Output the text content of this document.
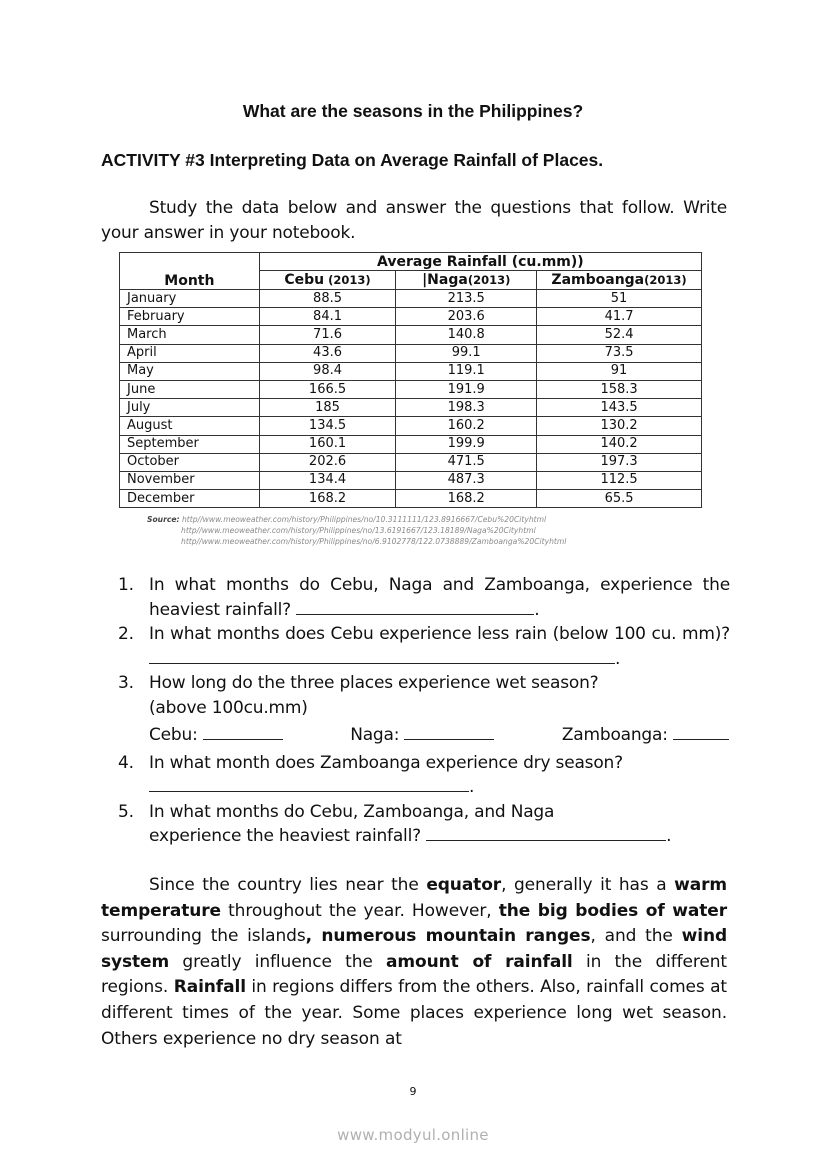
What are the seasons in the Philippines?
ACTIVITY #3 Interpreting Data on Average Rainfall of Places.
Study the data below and answer the questions that follow. Write your answer in your notebook.
Month	Average Rainfall (cu.mm))		
	Cebu (2013)	|Naga(2013)	Zamboanga(2013)
January	88.5	213.5	51
February	84.1	203.6	41.7
March	71.6	140.8	52.4
April	43.6	99.1	73.5
May	98.4	119.1	91
June	166.5	191.9	158.3
July	185	198.3	143.5
August	134.5	160.2	130.2
September	160.1	199.9	140.2
October	202.6	471.5	197.3
November	134.4	487.3	112.5
December	168.2	168.2	65.5
Source: http//www.meoweather.com/history/Philippines/no/10.3111111/123.8916667/Cebu%20Cityhtml
http//www.meoweather.com/history/Philippines/no/13.6191667/123.18189/Naga%20Cityhtml
http//www.meoweather.com/history/Philippines/no/6.9102778/122.0738889/Zamboanga%20Cityhtml
1. In what months do Cebu, Naga and Zamboanga, experience the heaviest rainfall?	.
2. In what months does Cebu experience less rain (below 100 cu. mm)? .
3. How long do the three places experience wet season?
(above 100cu.mm)
Cebu:	Naga:	Zamboanga:
4. In what month does Zamboanga experience dry season?
.
5. In what months do Cebu, Zamboanga, and Naga
experience the heaviest rainfall?	.
Since the country lies near the equator, generally it has a warm temperature throughout the year. However, the big bodies of water surrounding the islands, numerous mountain ranges, and the wind system greatly influence the amount of rainfall in the different regions. Rainfall in regions differs from the others. Also, rainfall comes at different times of the year. Some places experience long wet season. Others experience no dry season at
9
www.modyul.online
